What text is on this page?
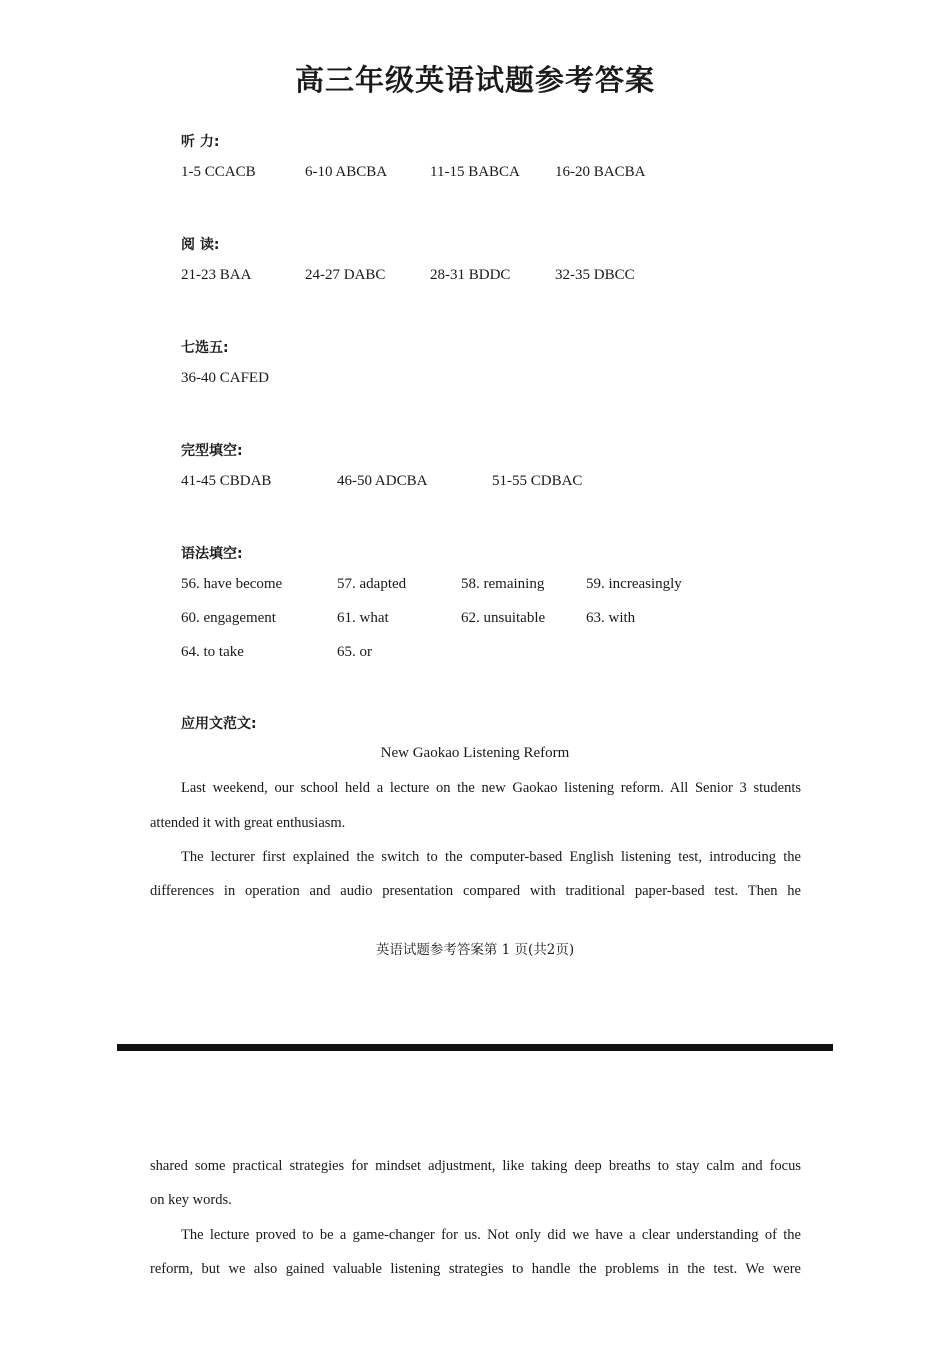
高三年级英语试题参考答案
听 力:
1-5 CCACB	6-10 ABCBA	11-15 BABCA 16-20 BACBA
阅 读:
21-23 BAA	24-27 DABC	28-31 BDDC	32-35 DBCC
七选五:
36-40 CAFED
完型填空:
41-45 CBDAB	46-50 ADCBA	51-55 CDBAC
语法填空:
56. have become	57. adapted	58. remaining	59. increasingly
60. engagement	61. what	62. unsuitable	63. with
64. to take	65. or
应用文范文:
New Gaokao Listening Reform
Last weekend, our school held a lecture on the new Gaokao listening reform. All Senior 3 students
attended it with great enthusiasm.
The lecturer first explained the switch to the computer-based English listening test, introducing the
differences in operation and audio presentation compared with traditional paper-based test. Then he
英语试题参考答案第 1 页(共2页)
shared some practical strategies for mindset adjustment, like taking deep breaths to stay calm and focus
on key words.
The lecture proved to be a game-changer for us. Not only did we have a clear understanding of the
reform, but we also gained valuable listening strategies to handle the problems in the test. We were
